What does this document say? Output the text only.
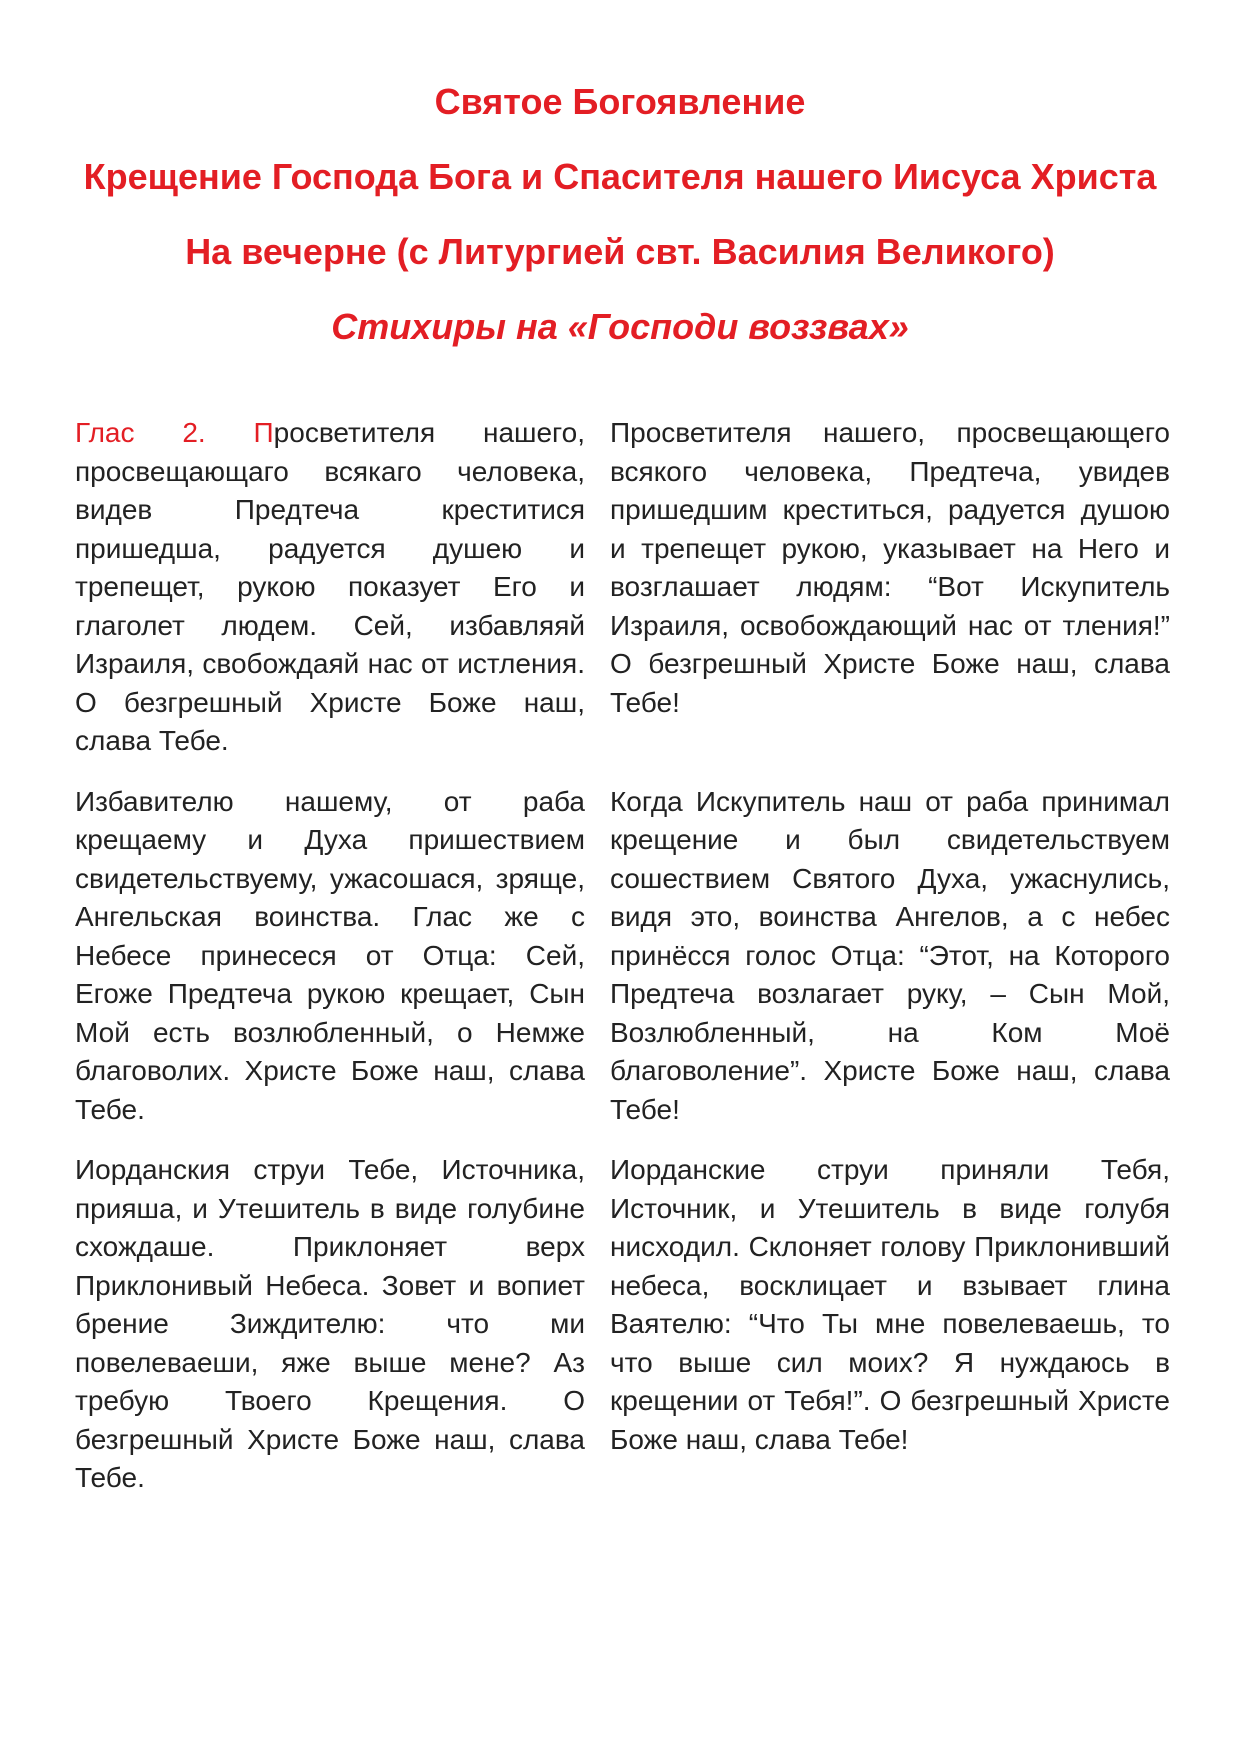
Святое Богоявление
Крещение Господа Бога и Спасителя нашего Иисуса Христа
На вечерне (с Литургией свт. Василия Великого)
Стихиры на «Господи воззвах»

Глас 2. Просветителя нашего, просвещающаго всякаго человека, видев Предтеча креститися пришедша, радуется душею и трепещет, рукою показует Его и глаголет людем. Сей, избавляяй Израиля, свобождаяй нас от истления. О безгрешный Христе Боже наш, слава Тебе.

Просветителя нашего, просвещающего всякого человека, Предтеча, увидев пришедшим креститься, радуется душою и трепещет рукою, указывает на Него и возглашает людям: “Вот Искупитель Израиля, освобождающий нас от тления!” О безгрешный Христе Боже наш, слава Тебе!

Избавителю нашему, от раба крещаему и Духа пришествием свидетельствуему, ужасошася, зряще, Ангельская воинства. Глас же с Небесе принесеся от Отца: Сей, Егоже Предтеча рукою крещает, Сын Мой есть возлюбленный, о Немже благоволих. Христе Боже наш, слава Тебе.

Когда Искупитель наш от раба принимал крещение и был свидетельствуем сошествием Святого Духа, ужаснулись, видя это, воинства Ангелов, а с небес принёсся голос Отца: “Этот, на Которого Предтеча возлагает руку, – Сын Мой, Возлюбленный, на Ком Моё благоволение”. Христе Боже наш, слава Тебе!

Иорданския струи Тебе, Источника, прияша, и Утешитель в виде голубине схождаше. Приклоняет верх Приклонивый Небеса. Зовет и вопиет брение Зиждителю: что ми повелеваеши, яже выше мене? Аз требую Твоего Крещения. О безгрешный Христе Боже наш, слава Тебе.

Иорданские струи приняли Тебя, Источник, и Утешитель в виде голубя нисходил. Склоняет голову Приклонивший небеса, восклицает и взывает глина Ваятелю: “Что Ты мне повелеваешь, то что выше сил моих? Я нуждаюсь в крещении от Тебя!”. О безгрешный Христе Боже наш, слава Тебе!
